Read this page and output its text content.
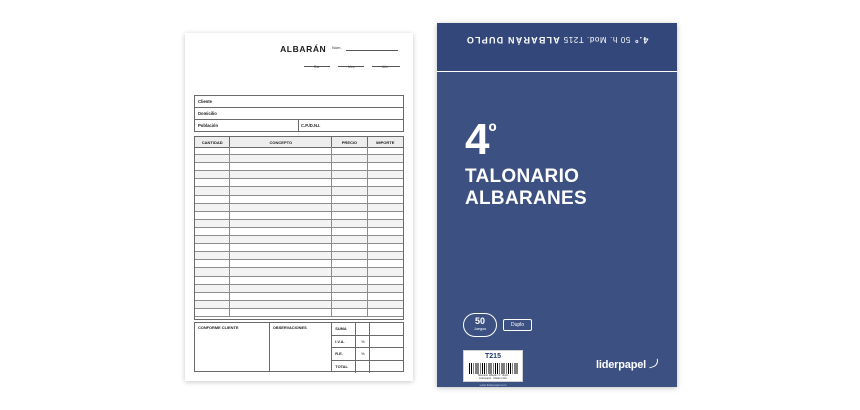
ALBARÁN Núm.
Día	Mes	Año
Cliente
Domicilio
Población	C.P./D.N.I.
CANTIDAD	CONCEPTO	PRECIO	IMPORTE
CONFORME CLIENTE	OBSERVACIONES	SUMA
I.V.A.	%
R.E.	%
TOTAL
4.º 50 h. Mod. T215 ALBARÁN DUPLO
$4^º$
TALONARIO
ALBARANES
50
Juegos
Duplo
T215
Talonario albarán 4.º duplo
Liderpapel · Made in EU
www.liderpapel.com
liderpapel
